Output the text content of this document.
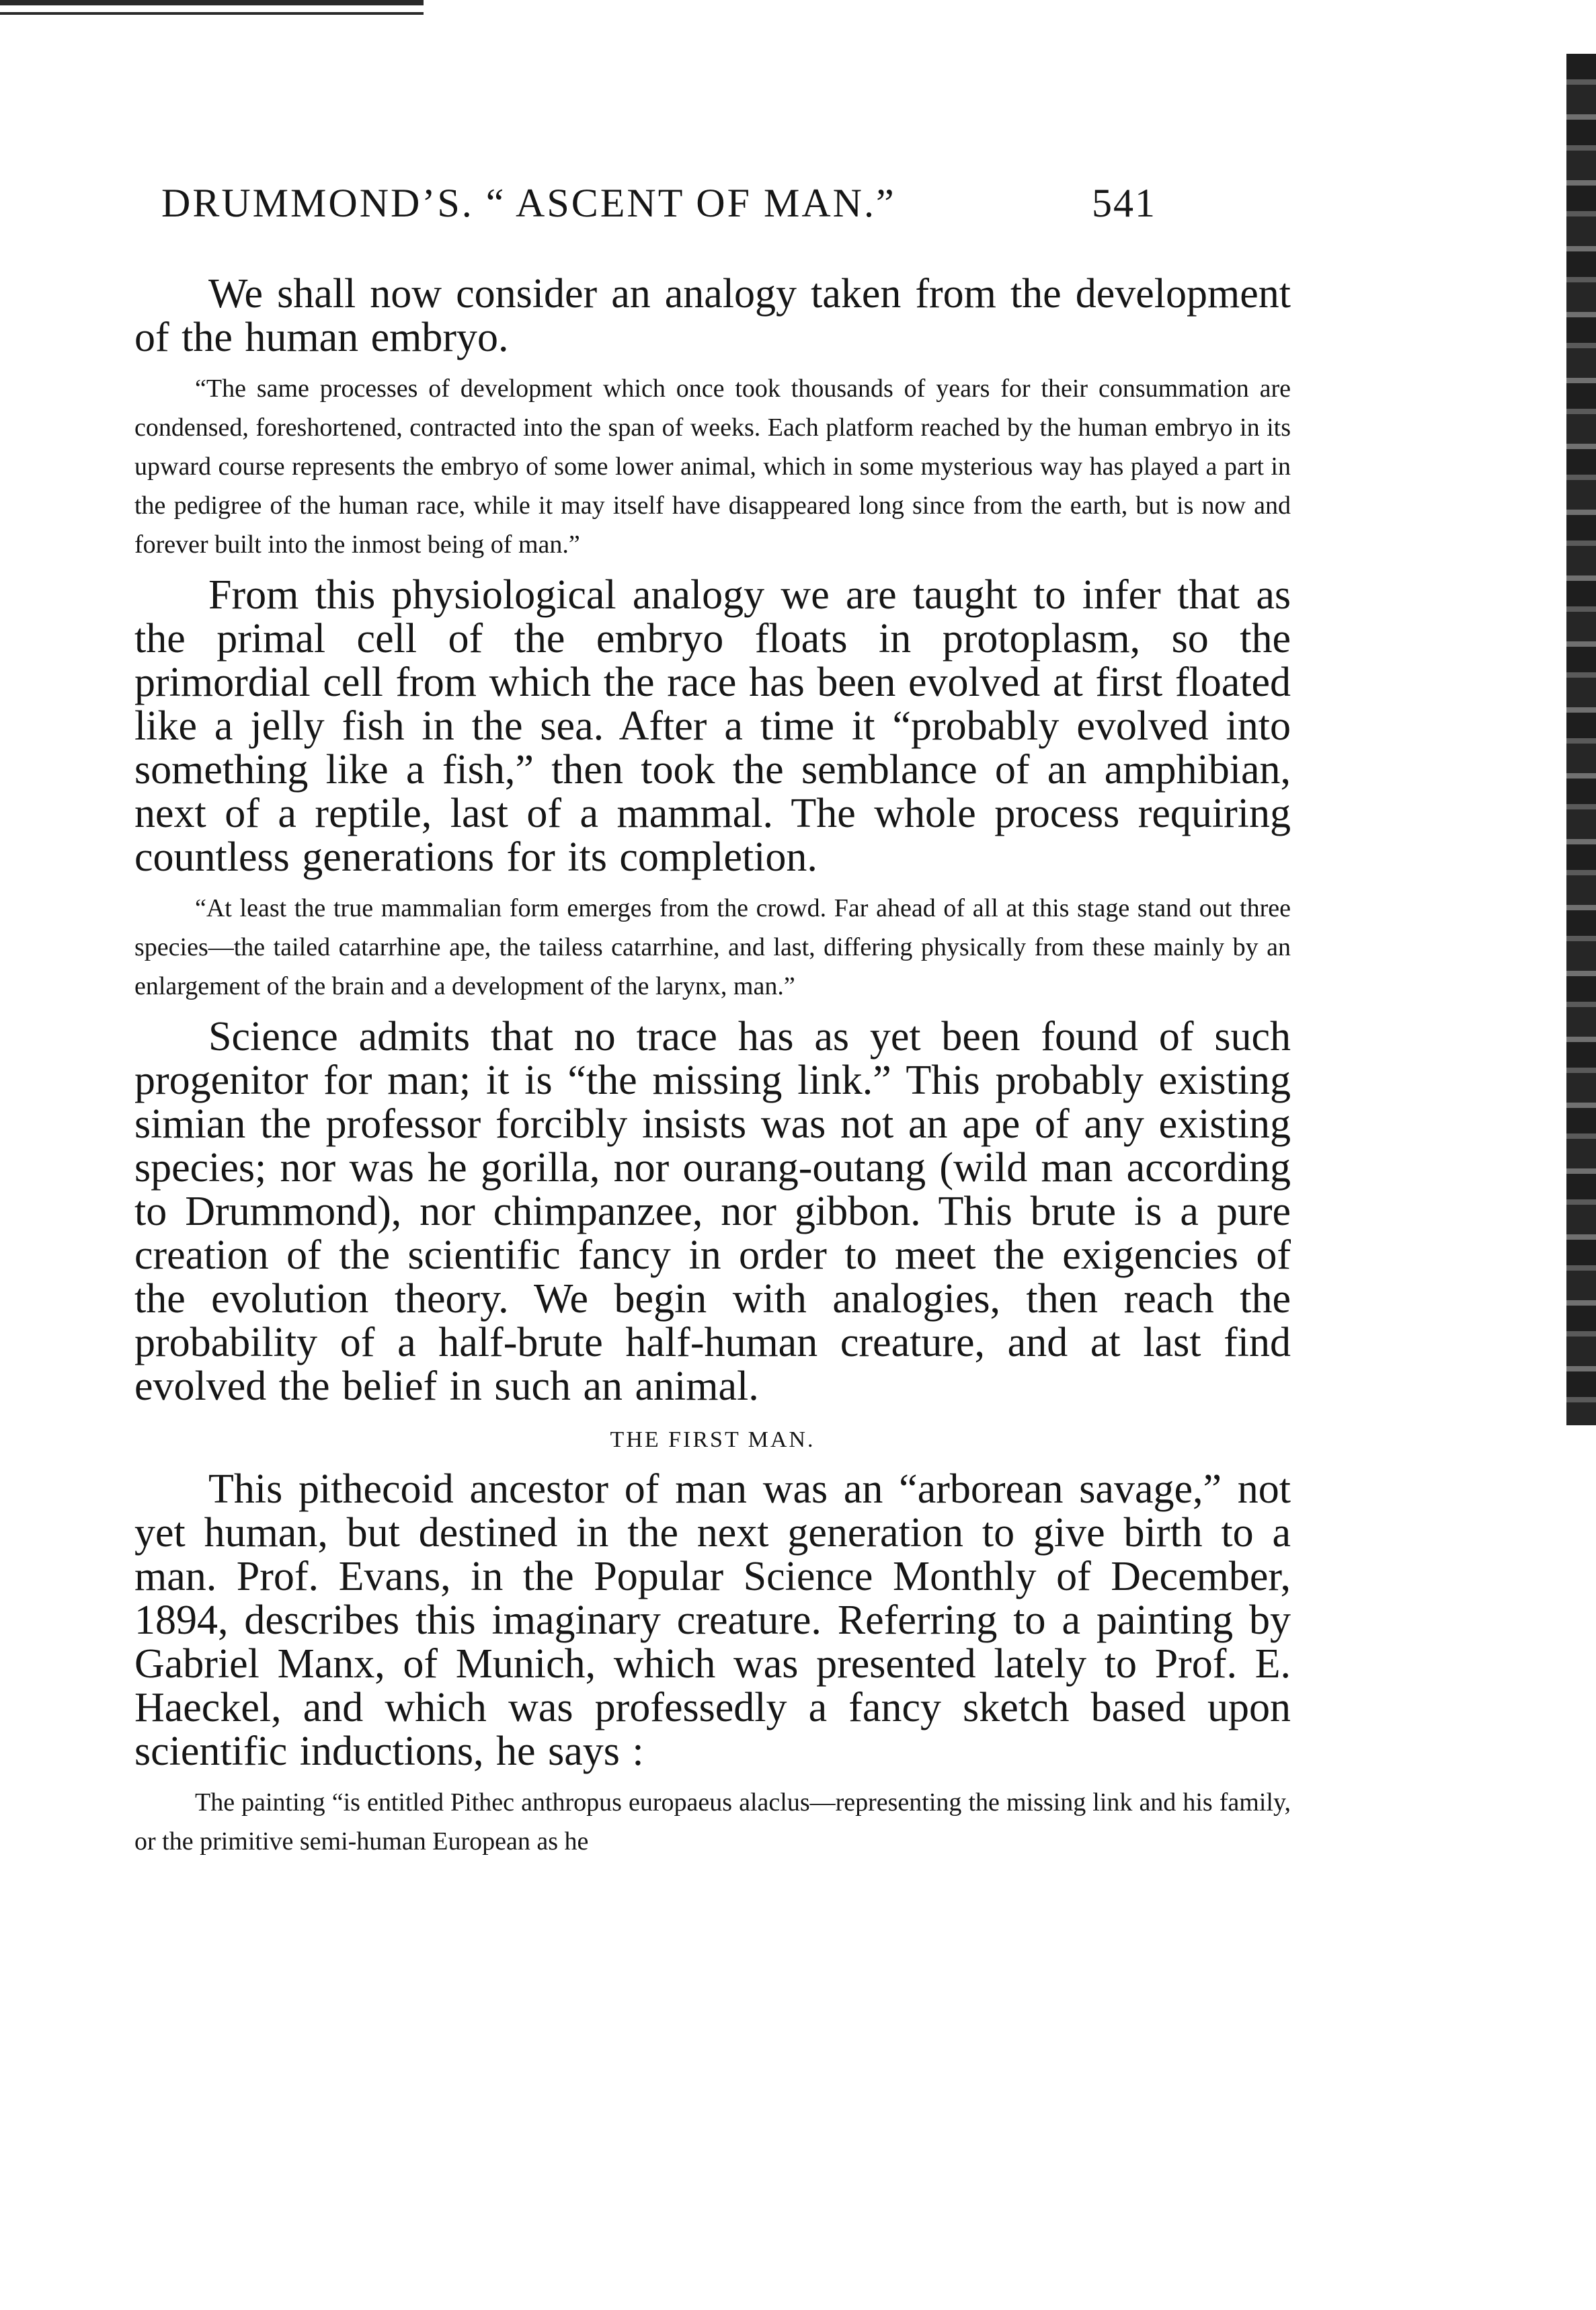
DRUMMOND’S. “ ASCENT OF MAN.”	541

We shall now consider an analogy taken from the development of the human embryo.

“The same processes of development which once took thousands of years for their consummation are condensed, foreshortened, contracted into the span of weeks. Each platform reached by the human embryo in its upward course represents the embryo of some lower animal, which in some mysterious way has played a part in the pedigree of the human race, while it may itself have disappeared long since from the earth, but is now and forever built into the inmost being of man.”

From this physiological analogy we are taught to infer that as the primal cell of the embryo floats in protoplasm, so the primordial cell from which the race has been evolved at first floated like a jelly fish in the sea. After a time it “probably evolved into something like a fish,” then took the semblance of an amphibian, next of a reptile, last of a mammal. The whole process requiring countless generations for its completion.

“At least the true mammalian form emerges from the crowd. Far ahead of all at this stage stand out three species—the tailed catarrhine ape, the tailess catarrhine, and last, differing physically from these mainly by an enlargement of the brain and a development of the larynx, man.”

Science admits that no trace has as yet been found of such progenitor for man; it is “the missing link.” This probably existing simian the professor forcibly insists was not an ape of any existing species; nor was he gorilla, nor ourang-outang (wild man according to Drummond), nor chimpanzee, nor gibbon. This brute is a pure creation of the scientific fancy in order to meet the exigencies of the evolution theory. We begin with analogies, then reach the probability of a half-brute half-human creature, and at last find evolved the belief in such an animal.

THE FIRST MAN.

This pithecoid ancestor of man was an “arborean savage,” not yet human, but destined in the next generation to give birth to a man. Prof. Evans, in the Popular Science Monthly of December, 1894, describes this imaginary creature. Referring to a painting by Gabriel Manx, of Munich, which was presented lately to Prof. E. Haeckel, and which was professedly a fancy sketch based upon scientific inductions, he says :

The painting “is entitled Pithec anthropus europaeus alaclus—representing the missing link and his family, or the primitive semi-human European as he
